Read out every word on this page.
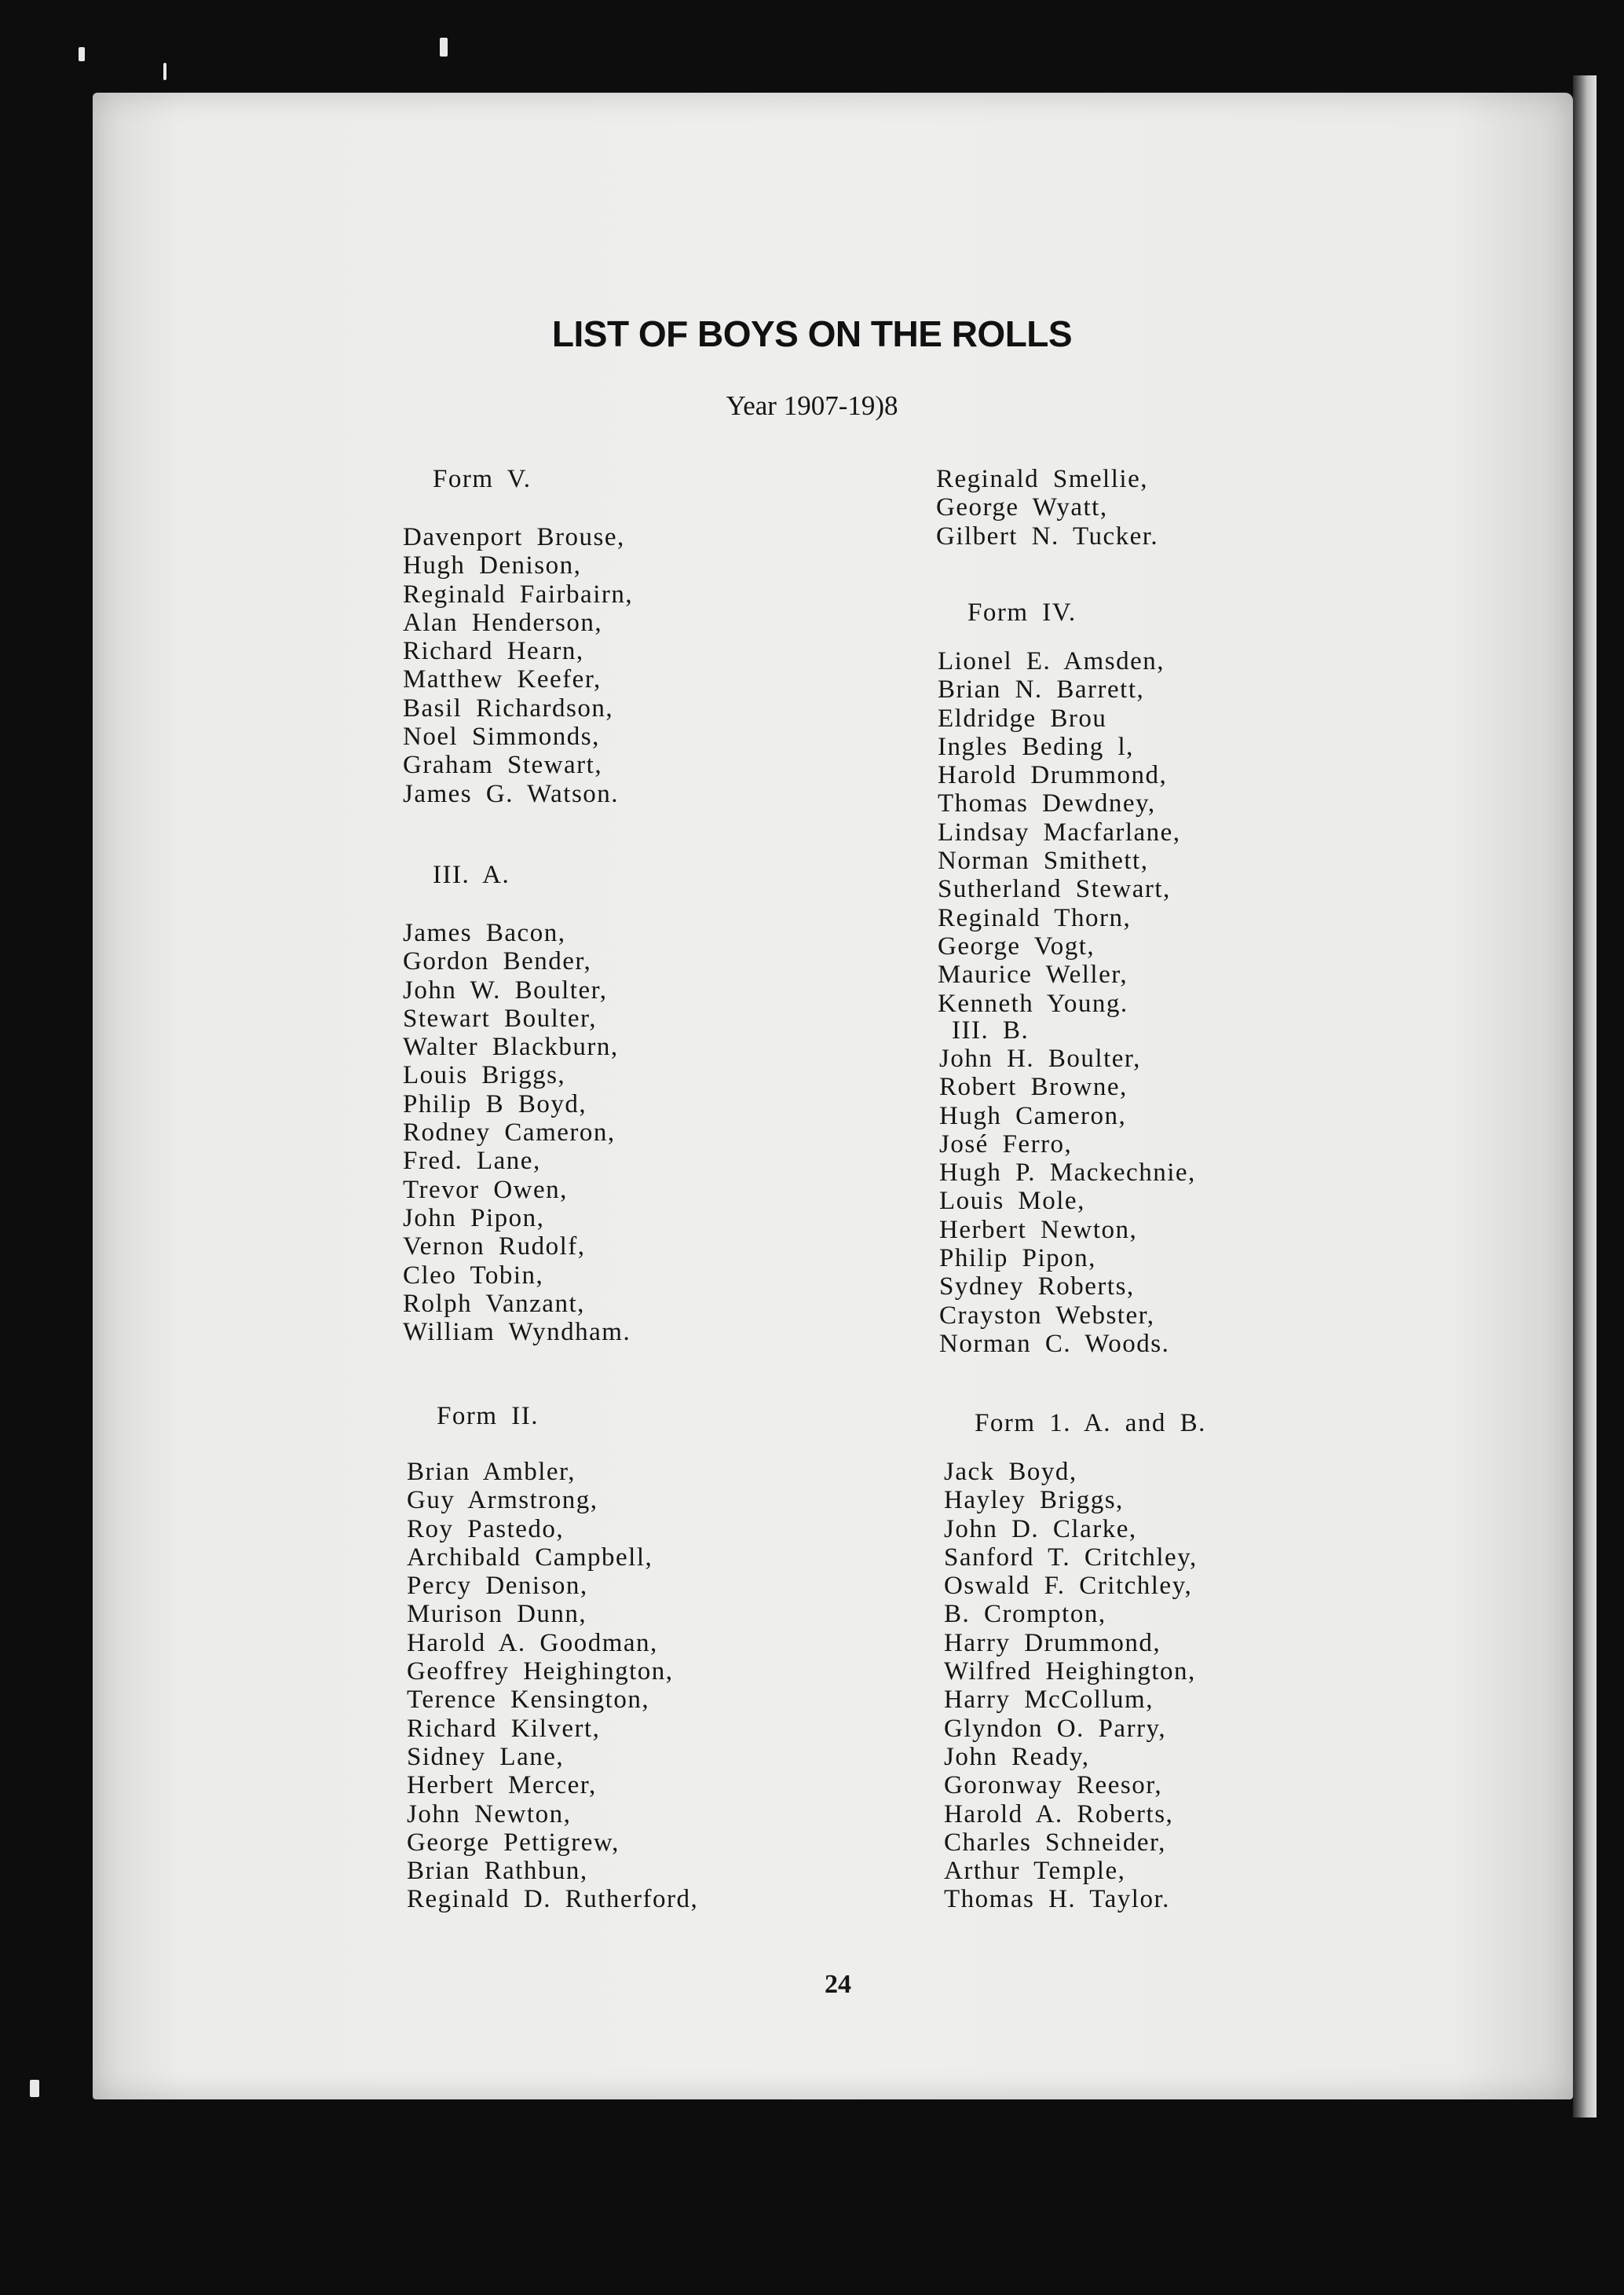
LIST OF BOYS ON THE ROLLS
Year 1907-19)8
Form V.
Davenport Brouse,
Hugh Denison,
Reginald Fairbairn,
Alan Henderson,
Richard Hearn,
Matthew Keefer,
Basil Richardson,
Noel Simmonds,
Graham Stewart,
James G. Watson.
III. A.
James Bacon,
Gordon Bender,
John W. Boulter,
Stewart Boulter,
Walter Blackburn,
Louis Briggs,
Philip B Boyd,
Rodney Cameron,
Fred. Lane,
Trevor Owen,
John Pipon,
Vernon Rudolf,
Cleo Tobin,
Rolph Vanzant,
William Wyndham.
Form II.
Brian Ambler,
Guy Armstrong,
Roy Pastedo,
Archibald Campbell,
Percy Denison,
Murison Dunn,
Harold A. Goodman,
Geoffrey Heighington,
Terence Kensington,
Richard Kilvert,
Sidney Lane,
Herbert Mercer,
John Newton,
George Pettigrew,
Brian Rathbun,
Reginald D. Rutherford,
Reginald Smellie,
George Wyatt,
Gilbert N. Tucker.
Form IV.
Lionel E. Amsden,
Brian N. Barrett,
Eldridge Brou
Ingles Beding l,
Harold Drummond,
Thomas Dewdney,
Lindsay Macfarlane,
Norman Smithett,
Sutherland Stewart,
Reginald Thorn,
George Vogt,
Maurice Weller,
Kenneth Young.
III. B.
John H. Boulter,
Robert Browne,
Hugh Cameron,
José Ferro,
Hugh P. Mackechnie,
Louis Mole,
Herbert Newton,
Philip Pipon,
Sydney Roberts,
Crayston Webster,
Norman C. Woods.
Form 1. A. and B.
Jack Boyd,
Hayley Briggs,
John D. Clarke,
Sanford T. Critchley,
Oswald F. Critchley,
B. Crompton,
Harry Drummond,
Wilfred Heighington,
Harry McCollum,
Glyndon O. Parry,
John Ready,
Goronway Reesor,
Harold A. Roberts,
Charles Schneider,
Arthur Temple,
Thomas H. Taylor.
24
